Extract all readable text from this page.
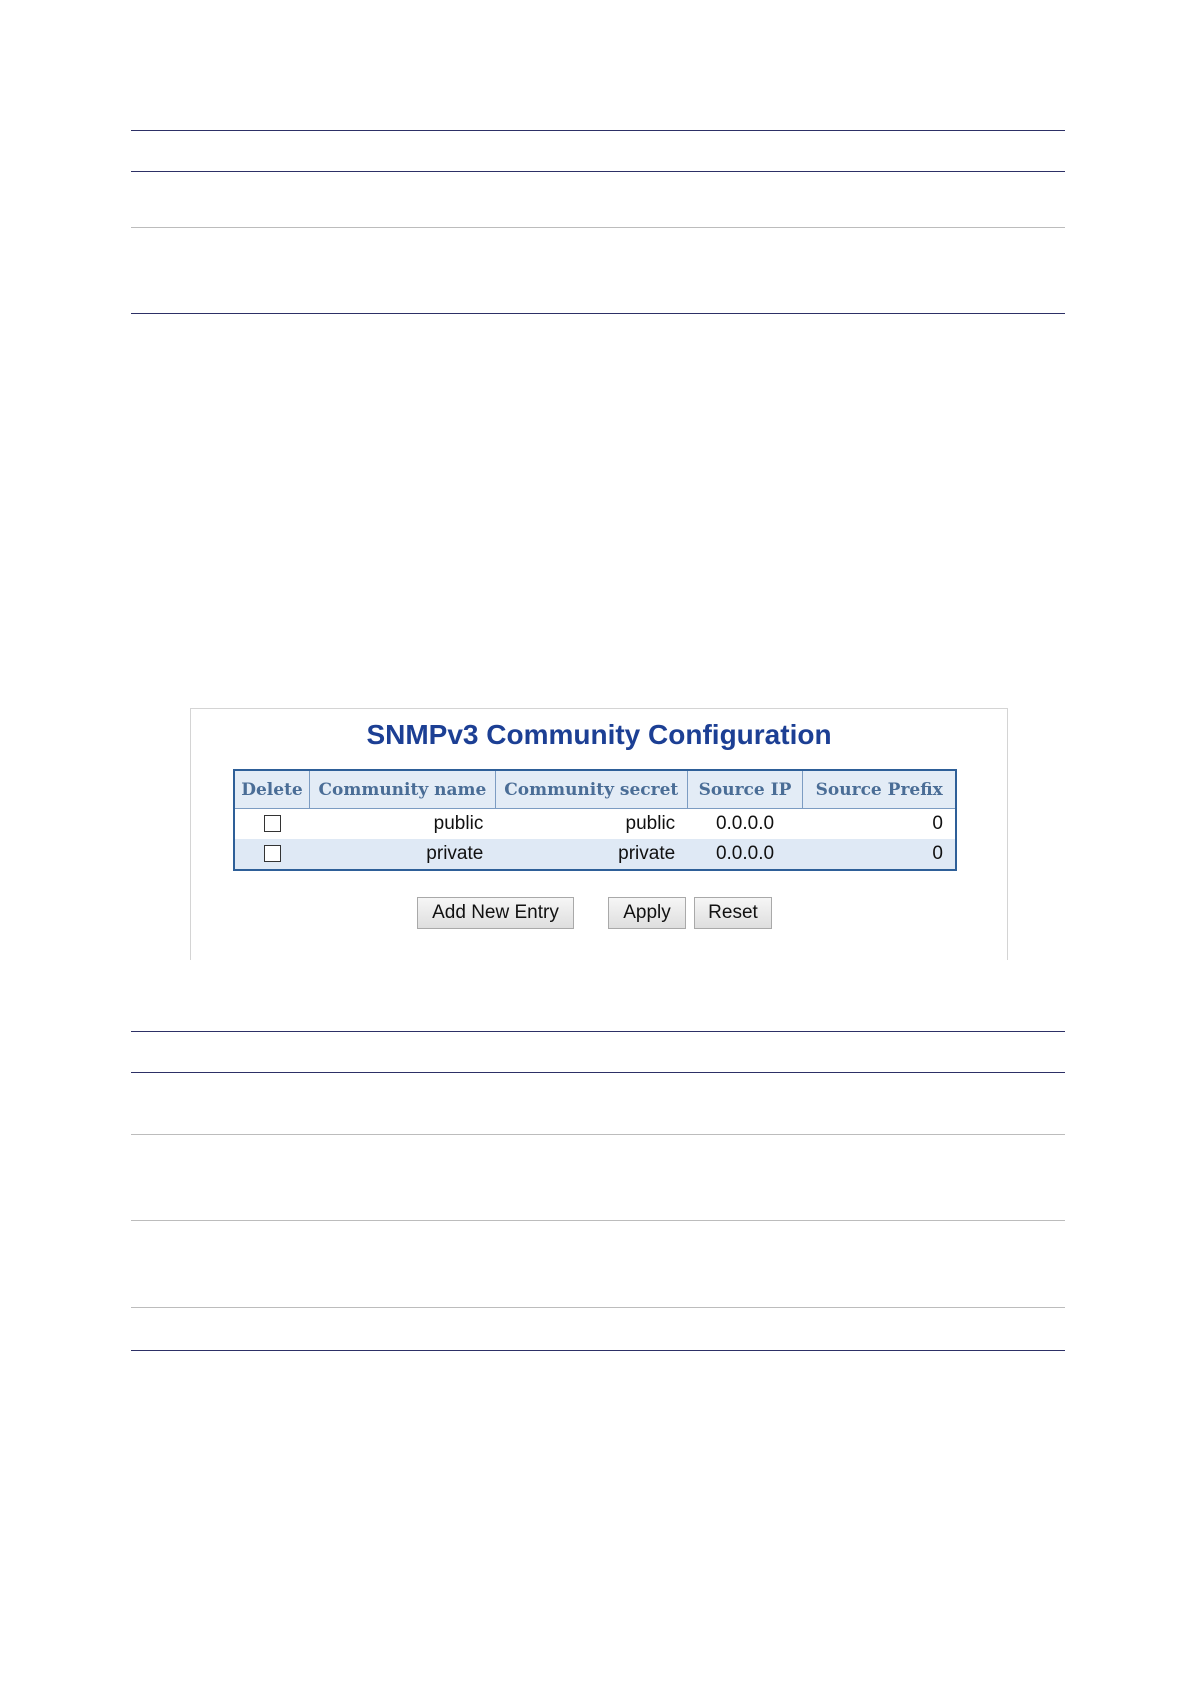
SNMPv3 Community Configuration
Delete	Community name	Community secret	Source IP	Source Prefix
	public	public	0.0.0.0	0
	private	private	0.0.0.0	0
Add New Entry	Apply	Reset
